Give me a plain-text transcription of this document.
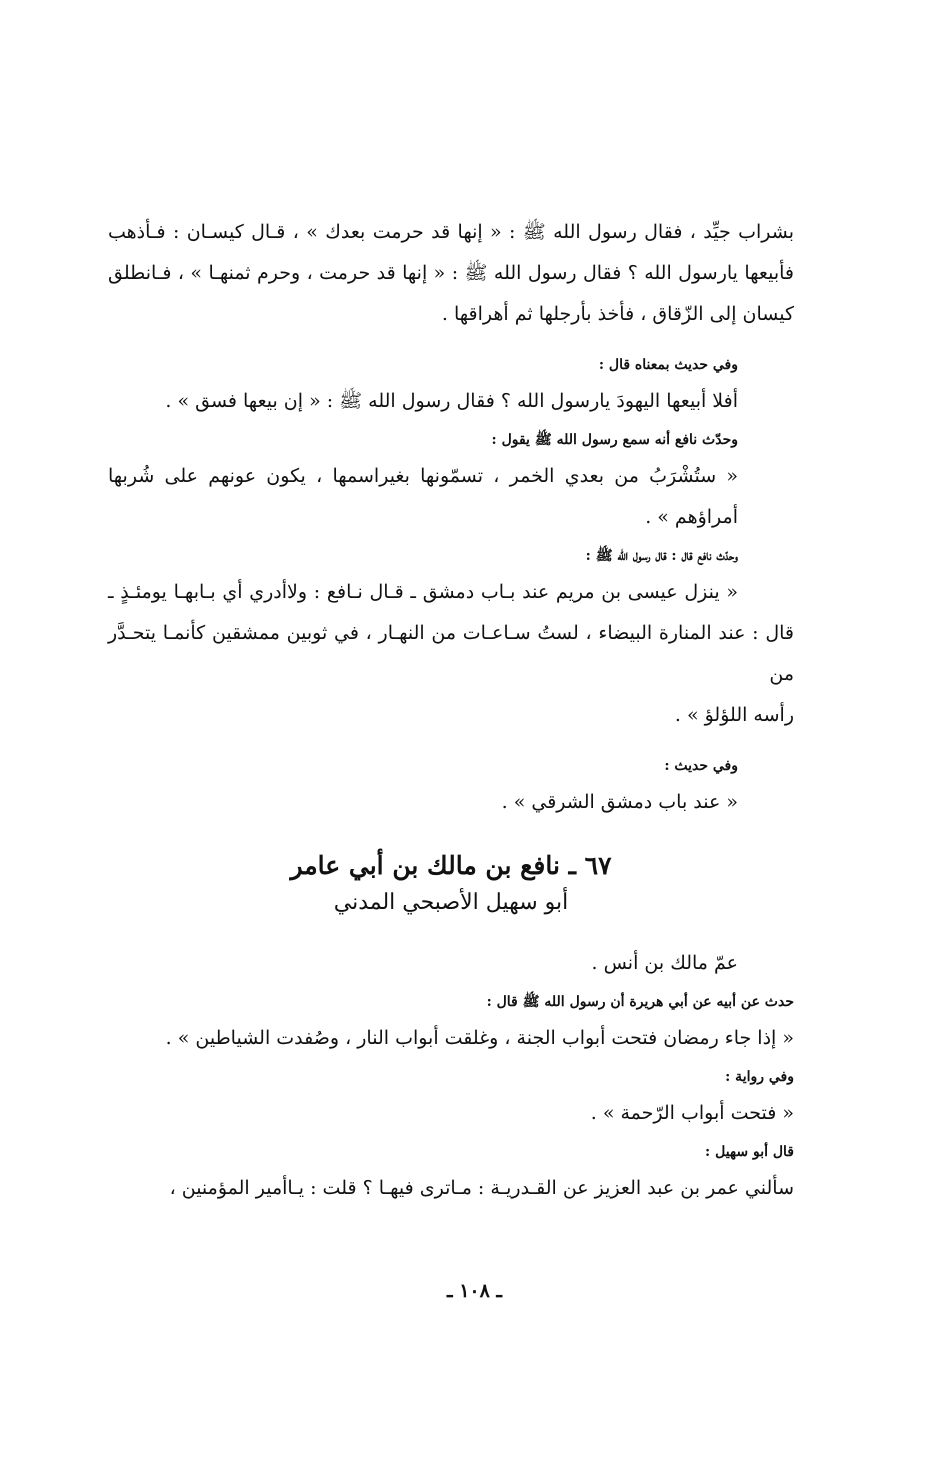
بشراب جيِّد ، فقال رسول الله ﷺ : « إنها قد حرمت بعدك » ، قـال كيسـان : فـأذهب
فأبيعها يارسول الله ؟ فقال رسول الله ﷺ : « إنها قد حرمت ، وحرم ثمنهـا » ، فـانطلق
كيسان إلى الزّقاق ، فأخذ بأرجلها ثم أهراقها .

وفي حديث بمعناه قال :

أفلا أبيعها اليهودَ يارسول الله ؟ فقال رسول الله ﷺ : « إن بيعها فسق » .

وحدّث نافع أنه سمع رسول الله ﷺ يقول :

« ستُشْرَبُ من بعدي الخمر ، تسمّونها بغيراسمها ، يكون عونهم على شُربها أمراؤهم » .

وحدّث نافع قال : قال رسول الله ﷺ :

« ينزل عيسى بن مريم عند بـاب دمشق ـ قـال نـافع : ولاأدري أي بـابهـا يومئـذٍ ـ
قال : عند المنارة البيضاء ، لستُ سـاعـات من النهـار ، في ثوبين ممشقين كأنمـا يتحـدَّر من
رأسه اللؤلؤ » .

وفي حديث :

« عند باب دمشق الشرقي » .

٦٧ ـ نافع بن مالك بن أبي عامر

أبو سهيل الأصبحي المدني

عمّ مالك بن أنس .

حدث عن أبيه عن أبي هريرة أن رسول الله ﷺ قال :

« إذا جاء رمضان فتحت أبواب الجنة ، وغلقت أبواب النار ، وصُفدت الشياطين » .

وفي رواية :

« فتحت أبواب الرّحمة » .

قال أبو سهيل :

سألني عمر بن عبد العزيز عن القـدريـة : مـاترى فيهـا ؟ قلت : يـاأمير المؤمنين ،

ـ ١٠٨ ـ
